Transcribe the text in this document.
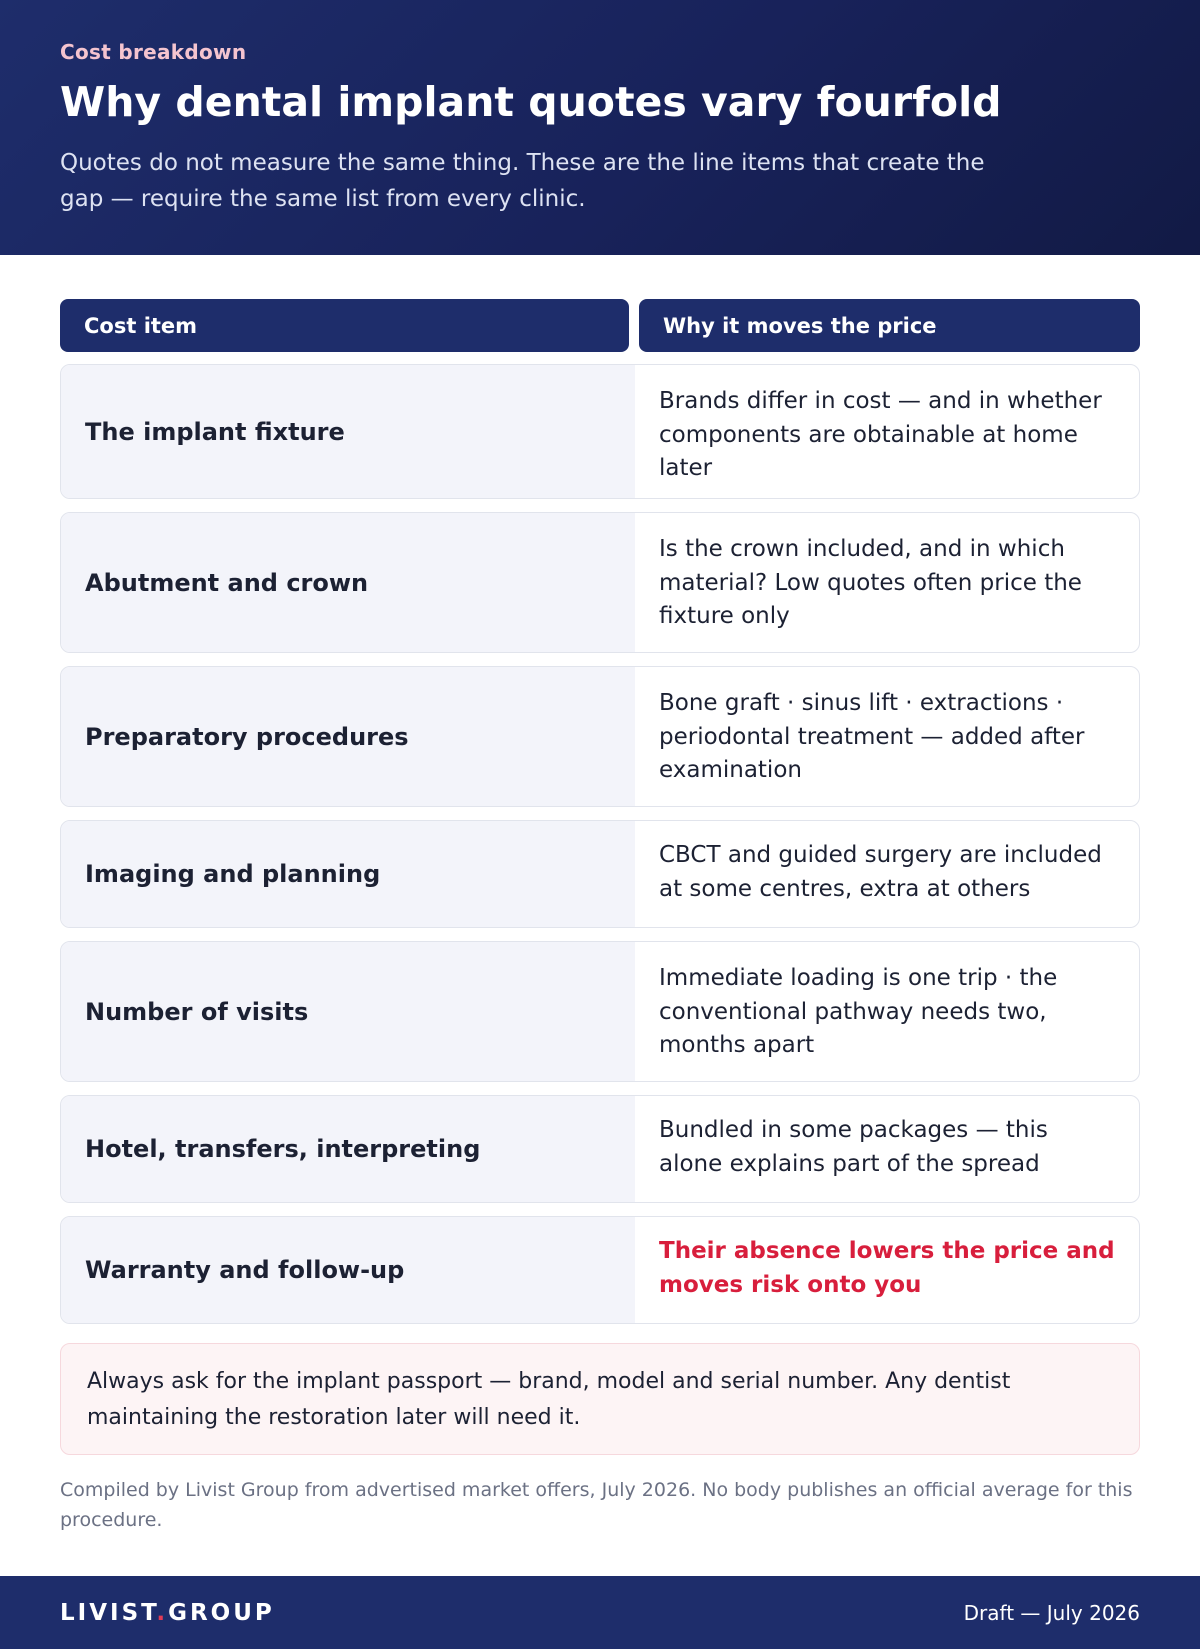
Cost breakdown
Why dental implant quotes vary fourfold

Quotes do not measure the same thing. These are the line items that create the gap — require the same list from every clinic.

Cost item	Why it moves the price
The implant fixture
Brands differ in cost — and in whether components are obtainable at home later
Abutment and crown
Is the crown included, and in which material? Low quotes often price the fixture only
Preparatory procedures
Bone graft · sinus lift · extractions · periodontal treatment — added after examination
Imaging and planning
CBCT and guided surgery are included at some centres, extra at others
Number of visits
Immediate loading is one trip · the conventional pathway needs two, months apart
Hotel, transfers, interpreting
Bundled in some packages — this alone explains part of the spread
Warranty and follow-up
Their absence lowers the price and moves risk onto you
Always ask for the implant passport — brand, model and serial number. Any dentist maintaining the restoration later will need it.

Compiled by Livist Group from advertised market offers, July 2026. No body publishes an official average for this procedure.

LIVIST.GROUP	Draft — July 2026
